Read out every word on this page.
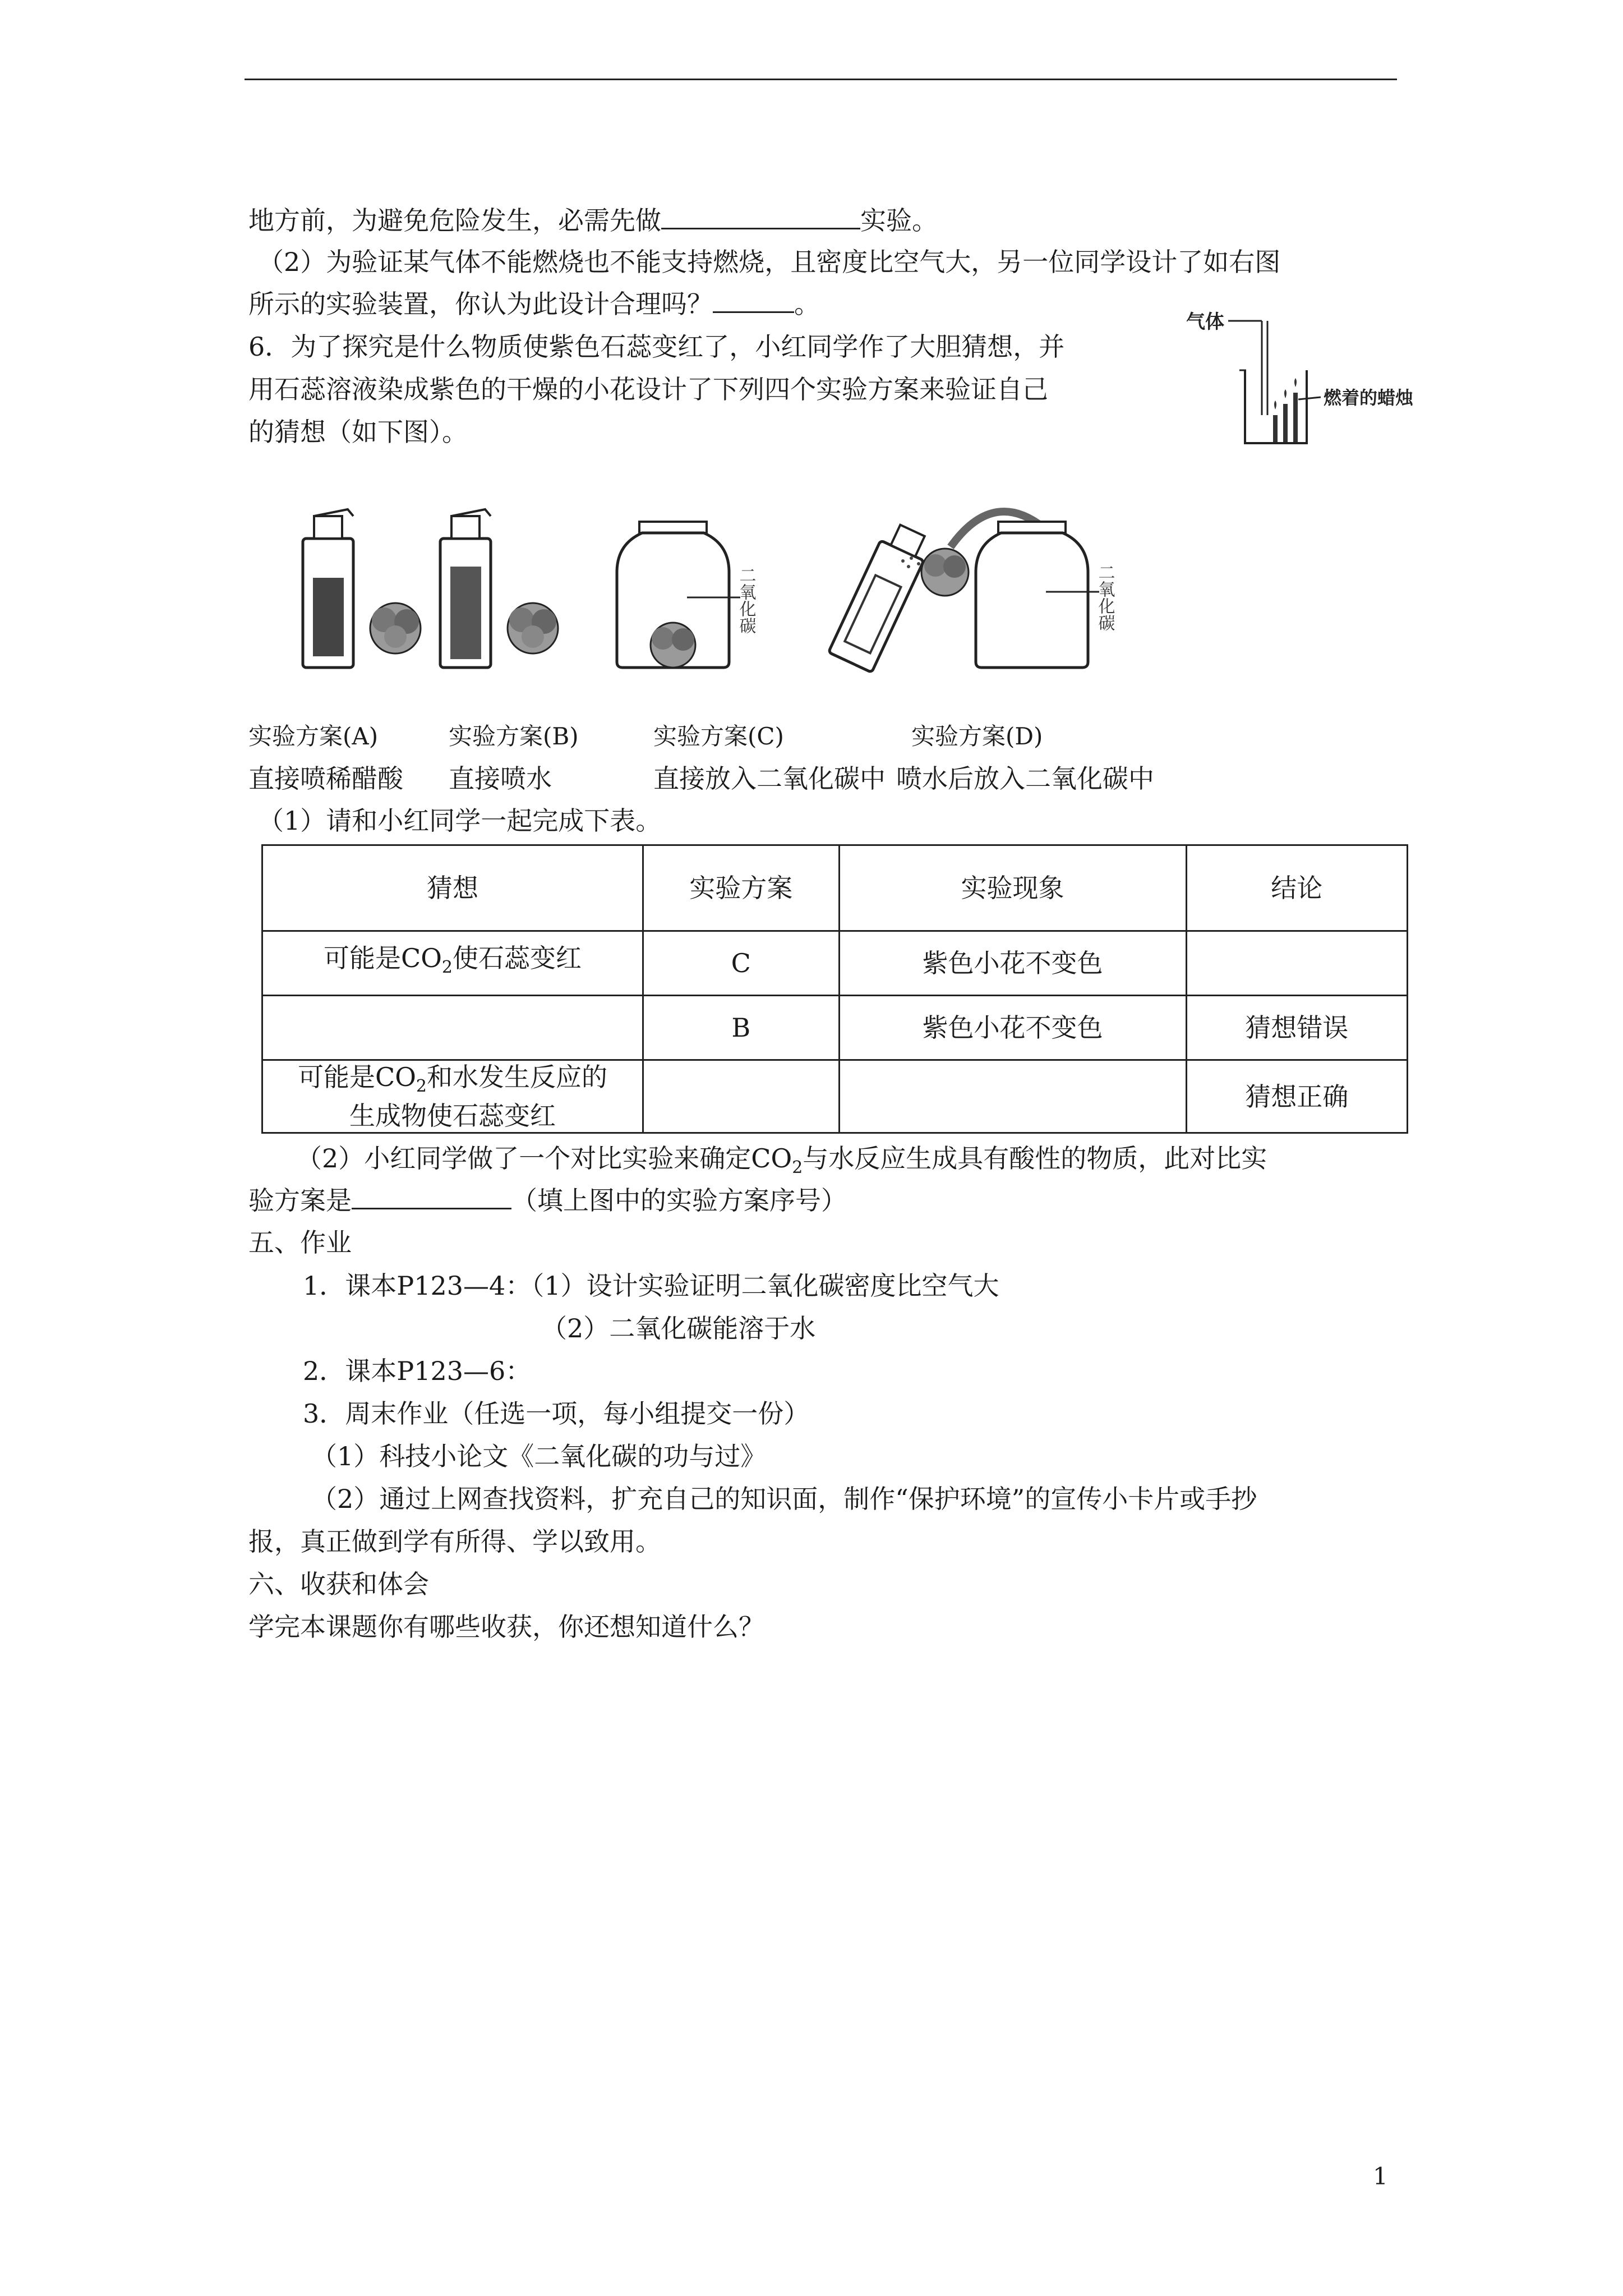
地方前，为避免危险发生，必需先做	实验。
（2）为验证某气体不能燃烧也不能支持燃烧，且密度比空气大，另一位同学设计了如右图
所示的实验装置，你认为此设计合理吗？	。
6．为了探究是什么物质使紫色石蕊变红了，小红同学作了大胆猜想，并
用石蕊溶液染成紫色的干燥的小花设计了下列四个实验方案来验证自己
的猜想（如下图）。
气体
燃着的蜡烛
二氧化碳	二氧化碳
实验方案(A)	实验方案(B)	实验方案(C)	实验方案(D)
直接喷稀醋酸 直接喷水	直接放入二氧化碳中 喷水后放入二氧化碳中
（1）请和小红同学一起完成下表。
猜想	实验方案	实验现象	结论
可能是$CO_2$使石蕊变红	C	紫色小花不变色	
	B	紫色小花不变色	猜想错误
可能是$CO_2$和水发生反应的
生成物使石蕊变红			猜想正确
（2）小红同学做了一个对比实验来确定$CO_2$与水反应生成具有酸性的物质，此对比实
验方案是	（填上图中的实验方案序号）
五、作业
1．课本P123—4：（1）设计实验证明二氧化碳密度比空气大
（2）二氧化碳能溶于水
2．课本P123—6：
3．周末作业（任选一项，每小组提交一份）
（1）科技小论文《二氧化碳的功与过》
（2）通过上网查找资料，扩充自己的知识面，制作“保护环境”的宣传小卡片或手抄
报，真正做到学有所得、学以致用。
六、收获和体会
学完本课题你有哪些收获，你还想知道什么？
1
